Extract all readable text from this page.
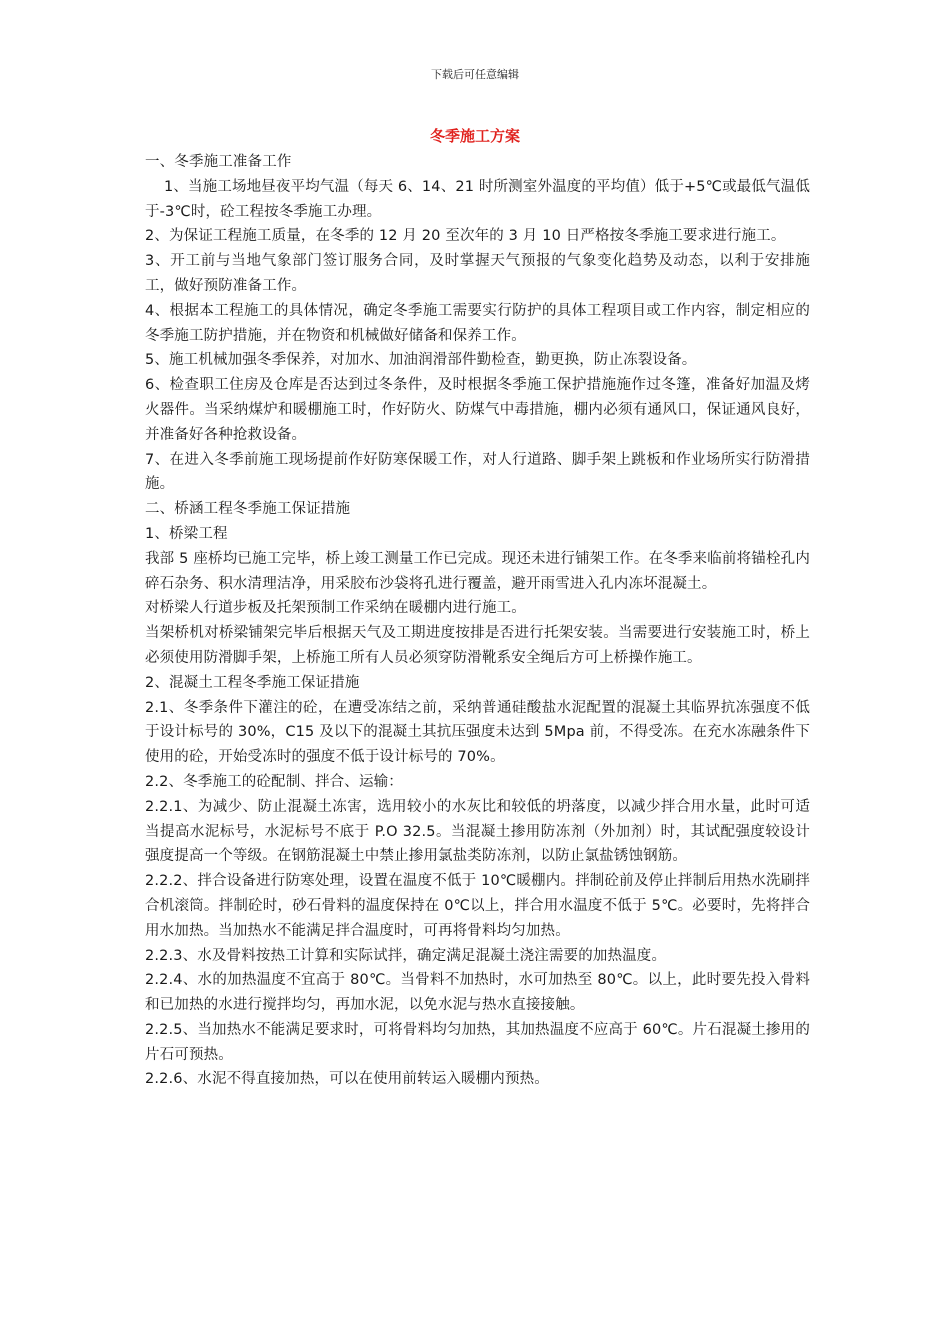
下载后可任意编辑
冬季施工方案

一、冬季施工准备工作

1、当施工场地昼夜平均气温（每天 6、14、21 时所测室外温度的平均值）低于+5℃或最低气温低于-3℃时，砼工程按冬季施工办理。

2、为保证工程施工质量，在冬季的 12 月 20 至次年的 3 月 10 日严格按冬季施工要求进行施工。

3、开工前与当地气象部门签订服务合同，及时掌握天气预报的气象变化趋势及动态，以利于安排施工，做好预防准备工作。

4、根据本工程施工的具体情况，确定冬季施工需要实行防护的具体工程项目或工作内容，制定相应的冬季施工防护措施，并在物资和机械做好储备和保养工作。

5、施工机械加强冬季保养，对加水、加油润滑部件勤检查，勤更换，防止冻裂设备。

6、检查职工住房及仓库是否达到过冬条件，及时根据冬季施工保护措施施作过冬篷，准备好加温及烤火器件。当采纳煤炉和暖棚施工时，作好防火、防煤气中毒措施，棚内必须有通风口，保证通风良好，并准备好各种抢救设备。

7、在进入冬季前施工现场提前作好防寒保暖工作，对人行道路、脚手架上跳板和作业场所实行防滑措施。

二、桥涵工程冬季施工保证措施

1、桥梁工程

我部 5 座桥均已施工完毕，桥上竣工测量工作已完成。现还未进行铺架工作。在冬季来临前将锚栓孔内碎石杂务、积水清理洁净，用采胶布沙袋将孔进行覆盖，避开雨雪进入孔内冻坏混凝土。

对桥梁人行道步板及托架预制工作采纳在暖棚内进行施工。

当架桥机对桥梁铺架完毕后根据天气及工期进度按排是否进行托架安装。当需要进行安装施工时，桥上必须使用防滑脚手架，上桥施工所有人员必须穿防滑靴系安全绳后方可上桥操作施工。

2、混凝土工程冬季施工保证措施

2.1、冬季条件下灌注的砼，在遭受冻结之前，采纳普通硅酸盐水泥配置的混凝土其临界抗冻强度不低于设计标号的 30%，C15 及以下的混凝土其抗压强度未达到 5Mpa 前，不得受冻。在充水冻融条件下使用的砼，开始受冻时的强度不低于设计标号的 70%。

2.2、冬季施工的砼配制、拌合、运输：

2.2.1、为减少、防止混凝土冻害，选用较小的水灰比和较低的坍落度，以减少拌合用水量，此时可适当提高水泥标号，水泥标号不底于 P.O 32.5。当混凝土掺用防冻剂（外加剂）时，其试配强度较设计强度提高一个等级。在钢筋混凝土中禁止掺用氯盐类防冻剂，以防止氯盐锈蚀钢筋。

2.2.2、拌合设备进行防寒处理，设置在温度不低于 10℃暖棚内。拌制砼前及停止拌制后用热水洗刷拌合机滚筒。拌制砼时，砂石骨料的温度保持在 0℃以上，拌合用水温度不低于 5℃。必要时，先将拌合用水加热。当加热水不能满足拌合温度时，可再将骨料均匀加热。

2.2.3、水及骨料按热工计算和实际试拌，确定满足混凝土浇注需要的加热温度。

2.2.4、水的加热温度不宜高于 80℃。当骨料不加热时，水可加热至 80℃。以上，此时要先投入骨料和已加热的水进行搅拌均匀，再加水泥，以免水泥与热水直接接触。

2.2.5、当加热水不能满足要求时，可将骨料均匀加热，其加热温度不应高于 60℃。片石混凝土掺用的片石可预热。

2.2.6、水泥不得直接加热，可以在使用前转运入暖棚内预热。
